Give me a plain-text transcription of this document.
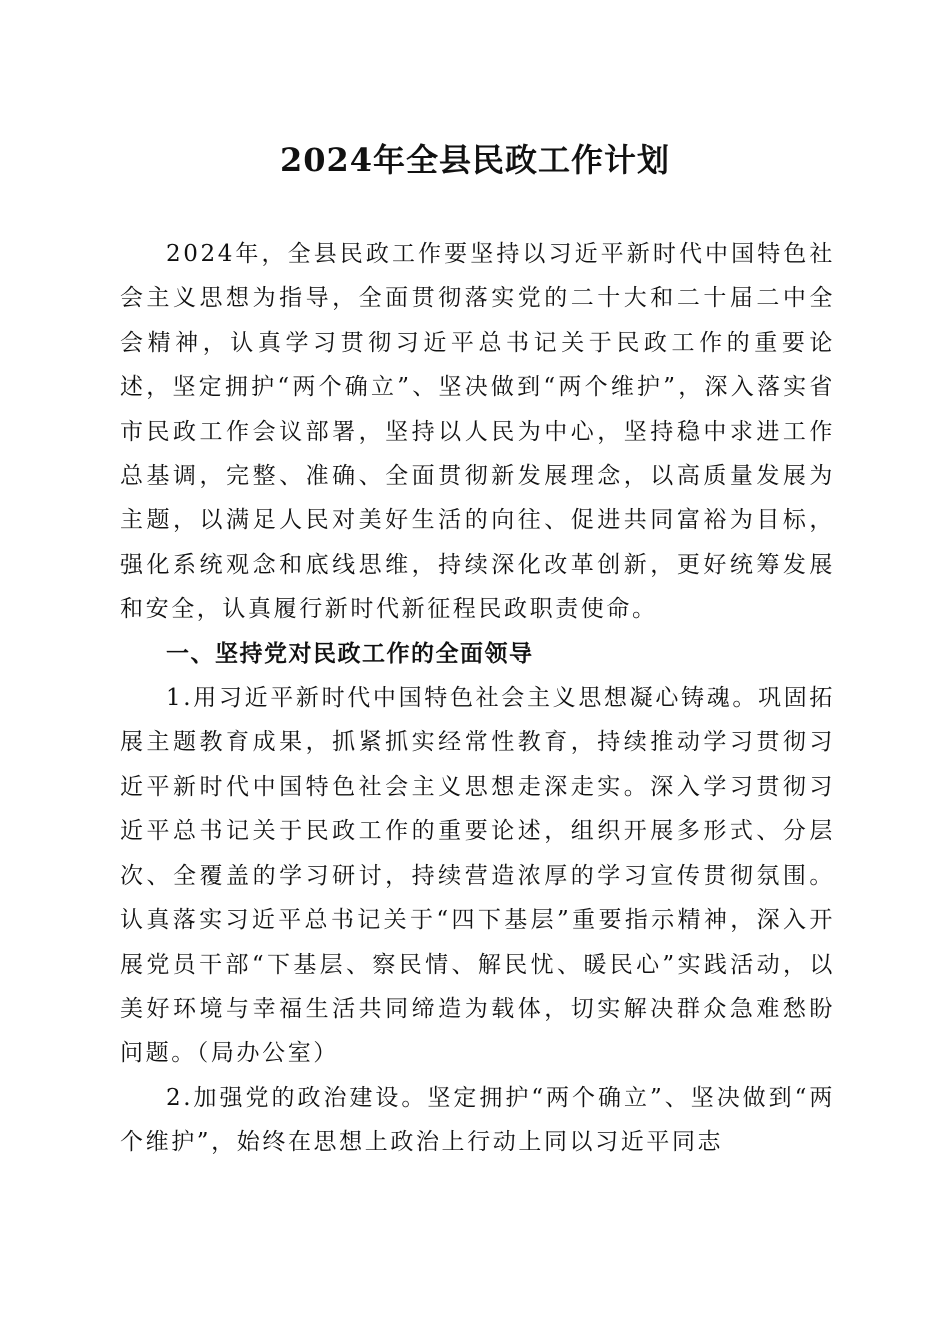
2024年全县民政工作计划

2024年，全县民政工作要坚持以习近平新时代中国特色社会主义思想为指导，全面贯彻落实党的二十大和二十届二中全会精神，认真学习贯彻习近平总书记关于民政工作的重要论述，坚定拥护“两个确立”、坚决做到“两个维护”，深入落实省市民政工作会议部署，坚持以人民为中心，坚持稳中求进工作总基调，完整、准确、全面贯彻新发展理念，以高质量发展为主题，以满足人民对美好生活的向往、促进共同富裕为目标，强化系统观念和底线思维，持续深化改革创新，更好统筹发展和安全，认真履行新时代新征程民政职责使命。

一、坚持党对民政工作的全面领导

1.用习近平新时代中国特色社会主义思想凝心铸魂。巩固拓展主题教育成果，抓紧抓实经常性教育，持续推动学习贯彻习近平新时代中国特色社会主义思想走深走实。深入学习贯彻习近平总书记关于民政工作的重要论述，组织开展多形式、分层次、全覆盖的学习研讨，持续营造浓厚的学习宣传贯彻氛围。认真落实习近平总书记关于“四下基层”重要指示精神，深入开展党员干部“下基层、察民情、解民忧、暖民心”实践活动，以美好环境与幸福生活共同缔造为载体，切实解决群众急难愁盼问题。（局办公室）

2.加强党的政治建设。坚定拥护“两个确立”、坚决做到“两个维护”，始终在思想上政治上行动上同以习近平同志
